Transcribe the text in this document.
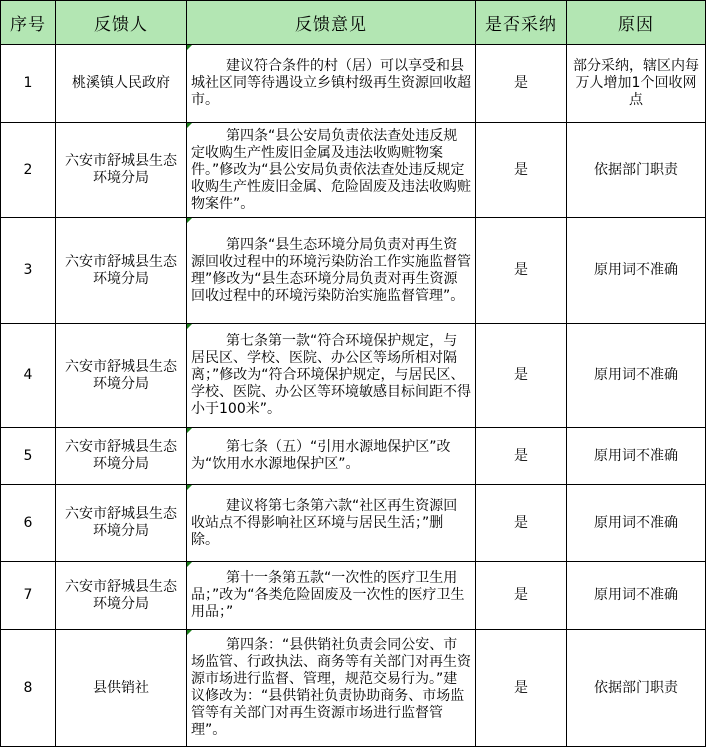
序号	反馈人	反馈意见	是否采纳	原因
1	桃溪镇人民政府	建议符合条件的村（居）可以享受和县城社区同等待遇设立乡镇村级再生资源回收超市。	是	部分采纳，辖区内每万人增加1个回收网点
2	六安市舒城县生态环境分局	第四条“县公安局负责依法查处违反规定收购生产性废旧金属及违法收购赃物案件。”修改为“县公安局负责依法查处违反规定收购生产性废旧金属、危险固废及违法收购赃物案件”。	是	依据部门职责
3	六安市舒城县生态环境分局	第四条“县生态环境分局负责对再生资源回收过程中的环境污染防治工作实施监督管理”修改为“县生态环境分局负责对再生资源回收过程中的环境污染防治实施监督管理”。	是	原用词不准确
4	六安市舒城县生态环境分局	第七条第一款“符合环境保护规定，与居民区、学校、医院、办公区等场所相对隔离；”修改为“符合环境保护规定，与居民区、学校、医院、办公区等环境敏感目标间距不得小于100米”。	是	原用词不准确
5	六安市舒城县生态环境分局	第七条（五）“引用水源地保护区”改为“饮用水水源地保护区”。	是	原用词不准确
6	六安市舒城县生态环境分局	建议将第七条第六款“社区再生资源回收站点不得影响社区环境与居民生活；”删除。	是	原用词不准确
7	六安市舒城县生态环境分局	第十一条第五款“一次性的医疗卫生用品；”改为“各类危险固废及一次性的医疗卫生用品；”	是	原用词不准确
8	县供销社	第四条：“县供销社负责会同公安、市场监管、行政执法、商务等有关部门对再生资源市场进行监督、管理，规范交易行为。”建议修改为：“县供销社负责协助商务、市场监管等有关部门对再生资源市场进行监督管理”。	是	依据部门职责
